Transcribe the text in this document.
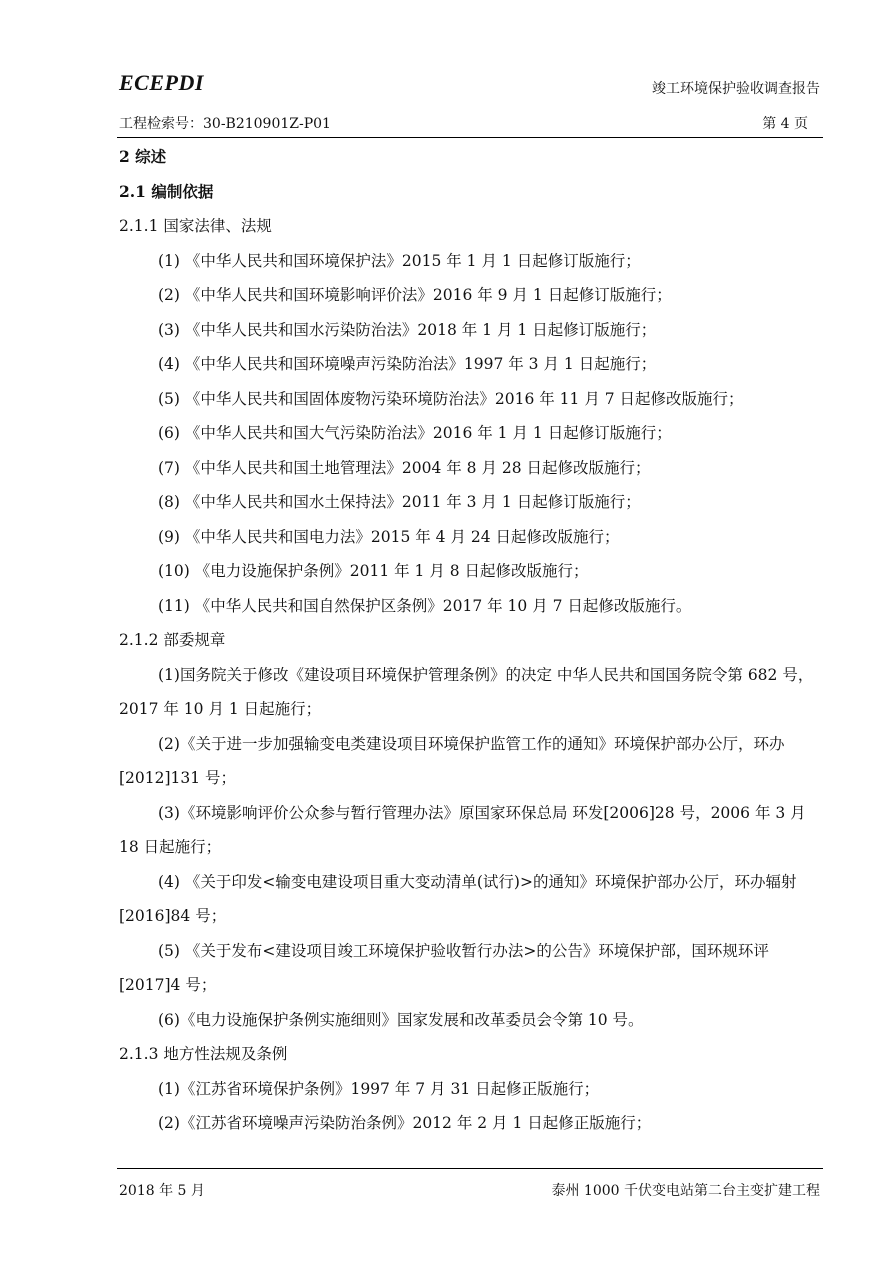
ECEPDI	竣工环境保护验收调查报告
工程检索号：30-B210901Z-P01	第 4 页
2 综述
2.1 编制依据
2.1.1 国家法律、法规
(1) 《中华人民共和国环境保护法》2015 年 1 月 1 日起修订版施行；
(2) 《中华人民共和国环境影响评价法》2016 年 9 月 1 日起修订版施行；
(3) 《中华人民共和国水污染防治法》2018 年 1 月 1 日起修订版施行；
(4) 《中华人民共和国环境噪声污染防治法》1997 年 3 月 1 日起施行；
(5) 《中华人民共和国固体废物污染环境防治法》2016 年 11 月 7 日起修改版施行；
(6) 《中华人民共和国大气污染防治法》2016 年 1 月 1 日起修订版施行；
(7) 《中华人民共和国土地管理法》2004 年 8 月 28 日起修改版施行；
(8) 《中华人民共和国水土保持法》2011 年 3 月 1 日起修订版施行；
(9) 《中华人民共和国电力法》2015 年 4 月 24 日起修改版施行；
(10) 《电力设施保护条例》2011 年 1 月 8 日起修改版施行；
(11) 《中华人民共和国自然保护区条例》2017 年 10 月 7 日起修改版施行。
2.1.2 部委规章
(1)国务院关于修改《建设项目环境保护管理条例》的决定 中华人民共和国国务院令第 682 号，2017 年 10 月 1 日起施行；
(2)《关于进一步加强输变电类建设项目环境保护监管工作的通知》环境保护部办公厅，环办[2012]131 号；
(3)《环境影响评价公众参与暂行管理办法》原国家环保总局 环发[2006]28 号，2006 年 3 月 18 日起施行；
(4) 《关于印发<输变电建设项目重大变动清单(试行)>的通知》环境保护部办公厅，环办辐射[2016]84 号；
(5) 《关于发布<建设项目竣工环境保护验收暂行办法>的公告》环境保护部，国环规环评[2017]4 号；
(6)《电力设施保护条例实施细则》国家发展和改革委员会令第 10 号。
2.1.3 地方性法规及条例
(1)《江苏省环境保护条例》1997 年 7 月 31 日起修正版施行；
(2)《江苏省环境噪声污染防治条例》2012 年 2 月 1 日起修正版施行；
2018 年 5 月	泰州 1000 千伏变电站第二台主变扩建工程
